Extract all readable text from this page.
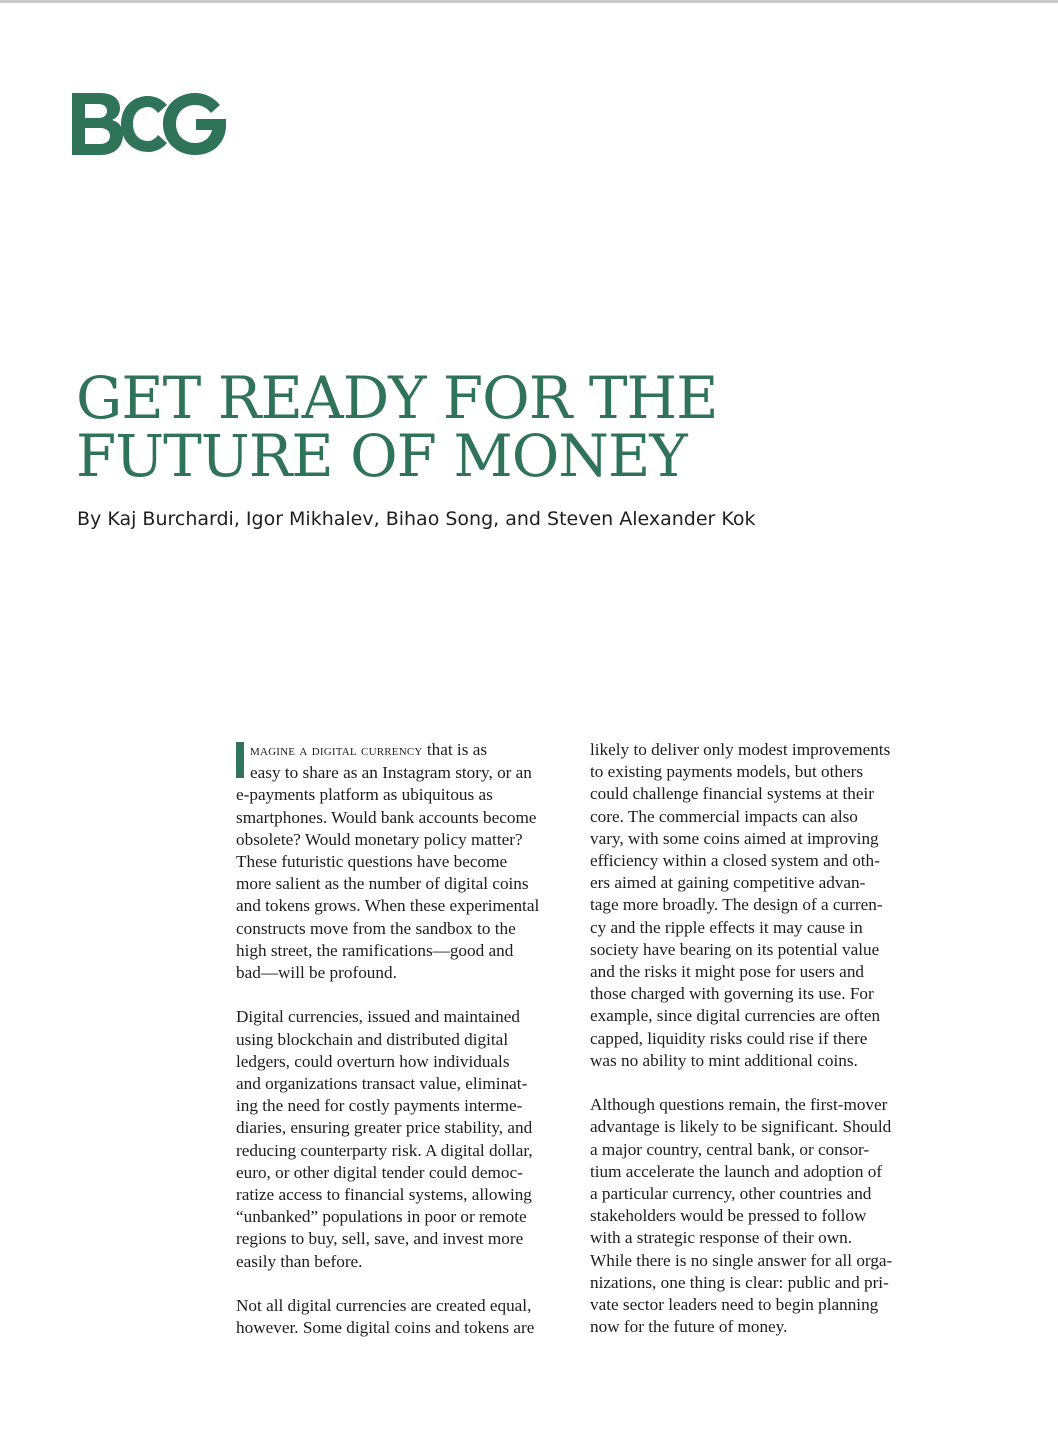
GET READY FOR THE
FUTURE OF MONEY

By Kaj Burchardi, Igor Mikhalev, Bihao Song, and Steven Alexander Kok

magine a digital currency that is as
easy to share as an Instagram story, or an
e-payments platform as ubiquitous as
smartphones. Would bank accounts become
obsolete? Would monetary policy matter?
These futuristic questions have become
more salient as the number of digital coins
and tokens grows. When these experimental
constructs move from the sandbox to the
high street, the ramifications—good and
bad—will be profound.

Digital currencies, issued and maintained
using blockchain and distributed digital
ledgers, could overturn how individuals
and organizations transact value, eliminat-
ing the need for costly payments interme-
diaries, ensuring greater price stability, and
reducing counterparty risk. A digital dollar,
euro, or other digital tender could democ-
ratize access to financial systems, allowing
“unbanked” populations in poor or remote
regions to buy, sell, save, and invest more
easily than before.

Not all digital currencies are created equal,
however. Some digital coins and tokens are

likely to deliver only modest improvements
to existing payments models, but others
could challenge financial systems at their
core. The commercial impacts can also
vary, with some coins aimed at improving
efficiency within a closed system and oth-
ers aimed at gaining competitive advan-
tage more broadly. The design of a curren-
cy and the ripple effects it may cause in
society have bearing on its potential value
and the risks it might pose for users and
those charged with governing its use. For
example, since digital currencies are often
capped, liquidity risks could rise if there
was no ability to mint additional coins.

Although questions remain, the first-mover
advantage is likely to be significant. Should
a major country, central bank, or consor-
tium accelerate the launch and adoption of
a particular currency, other countries and
stakeholders would be pressed to follow
with a strategic response of their own.
While there is no single answer for all orga-
nizations, one thing is clear: public and pri-
vate sector leaders need to begin planning
now for the future of money.
